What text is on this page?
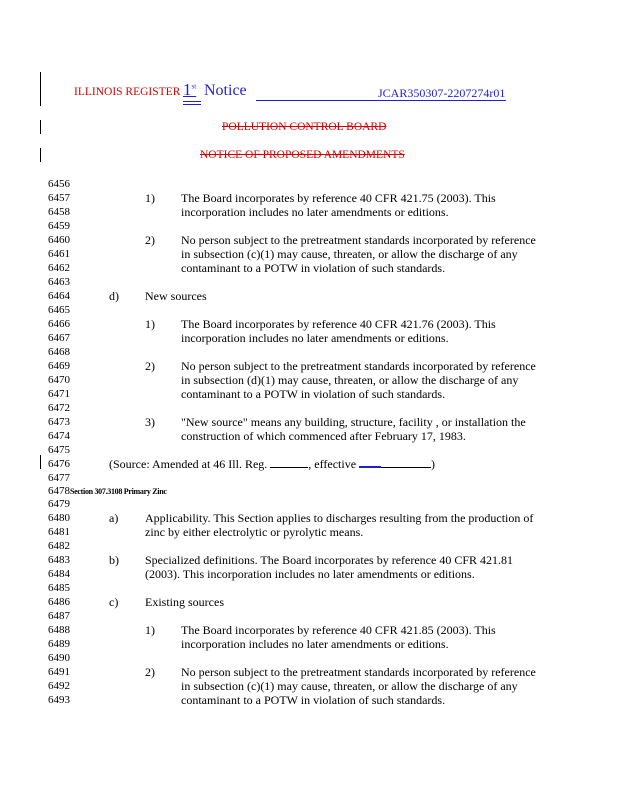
ILLINOIS REGISTER 1st Notice	JCAR350307-2207274r01
POLLUTION CONTROL BOARD
NOTICE OF PROPOSED AMENDMENTS
6456
6457
6458
6459
6460
6461
6462
6463
6464
6465
6466
6467
6468
6469
6470
6471
6472
6473
6474
6475
6476
6477
1) The Board incorporates by reference 40 CFR 421.75 (2003). This
incorporation includes no later amendments or editions.
2) No person subject to the pretreatment standards incorporated by reference
in subsection (c)(1) may cause, threaten, or allow the discharge of any
contaminant to a POTW in violation of such standards.
d) New sources
1) The Board incorporates by reference 40 CFR 421.76 (2003). This
incorporation includes no later amendments or editions.
2) No person subject to the pretreatment standards incorporated by reference
in subsection (d)(1) may cause, threaten, or allow the discharge of any
contaminant to a POTW in violation of such standards.
3) "New source" means any building, structure, facility , or installation the
construction of which commenced after February 17, 1983.
(Source: Amended at 46 Ill. Reg.	, effective	)
6478Section 307.3108 Primary Zinc
6479
6480
6481
6482
6483
6484
6485
6486
6487
6488
6489
6490
6491
6492
6493
a) Applicability. This Section applies to discharges resulting from the production of
zinc by either electrolytic or pyrolytic means.
b) Specialized definitions. The Board incorporates by reference 40 CFR 421.81
(2003). This incorporation includes no later amendments or editions.
c) Existing sources
1) The Board incorporates by reference 40 CFR 421.85 (2003). This
incorporation includes no later amendments or editions.
2) No person subject to the pretreatment standards incorporated by reference
in subsection (c)(1) may cause, threaten, or allow the discharge of any
contaminant to a POTW in violation of such standards.
